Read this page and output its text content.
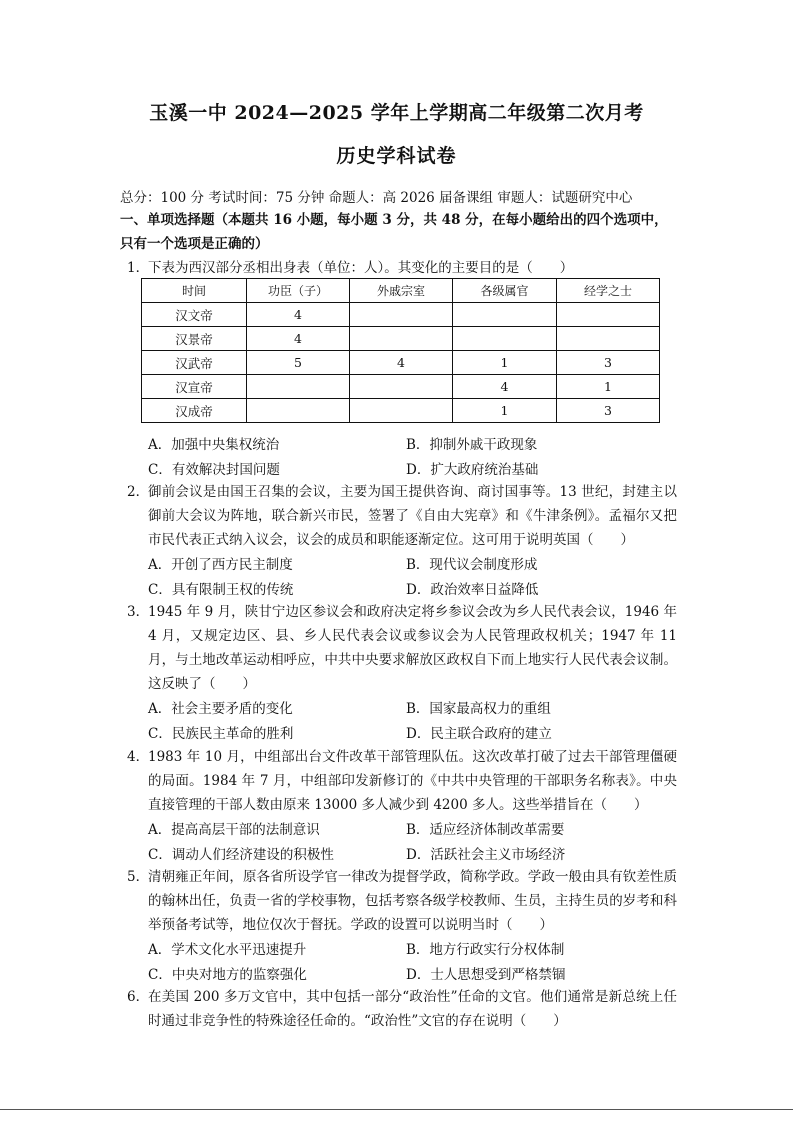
玉溪一中 2024—2025 学年上学期高二年级第二次月考
历史学科试卷
总分：100 分 考试时间：75 分钟 命题人：高 2026 届备课组 审题人：试题研究中心
一、单项选择题（本题共 16 小题，每小题 3 分，共 48 分，在每小题给出的四个选项中，只有一个选项是正确的）
1．
下表为西汉部分丞相出身表（单位：人）。其变化的主要目的是（　　）
时间	功臣（子）	外戚宗室	各级属官	经学之士
汉文帝	4			
汉景帝	4			
汉武帝	5	4	1	3
汉宣帝			4	1
汉成帝			1	3
A．加强中央集权统治	B．抑制外戚干政现象
C．有效解决封国问题	D．扩大政府统治基础
2．
御前会议是由国王召集的会议，主要为国王提供咨询、商讨国事等。13 世纪，封建主以御前大会议为阵地，联合新兴市民，签署了《自由大宪章》和《牛津条例》。孟福尔又把市民代表正式纳入议会，议会的成员和职能逐渐定位。这可用于说明英国（　　）
A．开创了西方民主制度	B．现代议会制度形成
C．具有限制王权的传统	D．政治效率日益降低
3．
1945 年 9 月，陕甘宁边区参议会和政府决定将乡参议会改为乡人民代表会议，1946 年 4 月，又规定边区、县、乡人民代表会议或参议会为人民管理政权机关；1947 年 11 月，与土地改革运动相呼应，中共中央要求解放区政权自下而上地实行人民代表会议制。这反映了（　　）
A．社会主要矛盾的变化	B．国家最高权力的重组
C．民族民主革命的胜利	D．民主联合政府的建立
4．
1983 年 10 月，中组部出台文件改革干部管理队伍。这次改革打破了过去干部管理僵硬的局面。1984 年 7 月，中组部印发新修订的《中共中央管理的干部职务名称表》。中央直接管理的干部人数由原来 13000 多人减少到 4200 多人。这些举措旨在（　　）
A．提高高层干部的法制意识	B．适应经济体制改革需要
C．调动人们经济建设的积极性	D．活跃社会主义市场经济
5．
清朝雍正年间，原各省所设学官一律改为提督学政，简称学政。学政一般由具有钦差性质的翰林出任，负责一省的学校事物，包括考察各级学校教师、生员，主持生员的岁考和科举预备考试等，地位仅次于督抚。学政的设置可以说明当时（　　）
A．学术文化水平迅速提升	B．地方行政实行分权体制
C．中央对地方的监察强化	D．士人思想受到严格禁锢
6．
在美国 200 多万文官中，其中包括一部分“政治性”任命的文官。他们通常是新总统上任时通过非竞争性的特殊途径任命的。“政治性”文官的存在说明（　　）
